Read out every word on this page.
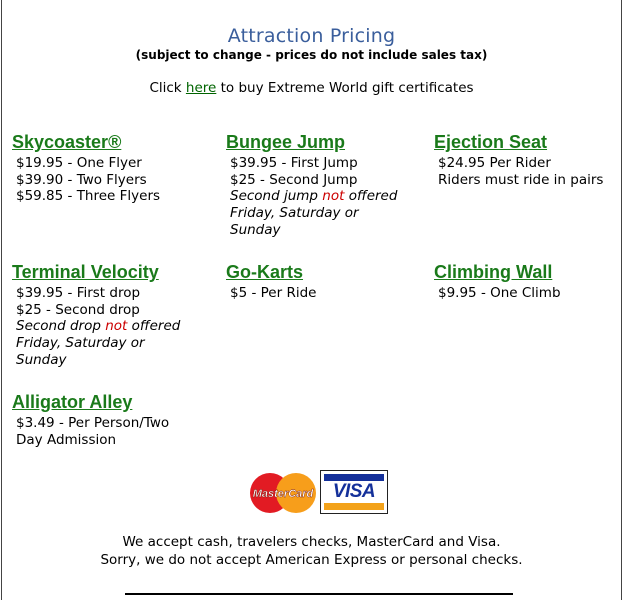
Attraction Pricing
(subject to change - prices do not include sales tax)
Click here to buy Extreme World gift certificates
Skycoaster®
$19.95 - One Flyer
$39.90 - Two Flyers
$59.85 - Three Flyers
Bungee Jump
$39.95 - First Jump
$25 - Second Jump
Second jump not offered Friday, Saturday or Sunday
Ejection Seat
$24.95 Per Rider
Riders must ride in pairs
Terminal Velocity
$39.95 - First drop
$25 - Second drop
Second drop not offered Friday, Saturday or Sunday
Go-Karts
$5 - Per Ride
Climbing Wall
$9.95 - One Climb
Alligator Alley
$3.49 - Per Person/Two Day Admission
MasterCard	VISA
We accept cash, travelers checks, MasterCard and Visa.
Sorry, we do not accept American Express or personal checks.
